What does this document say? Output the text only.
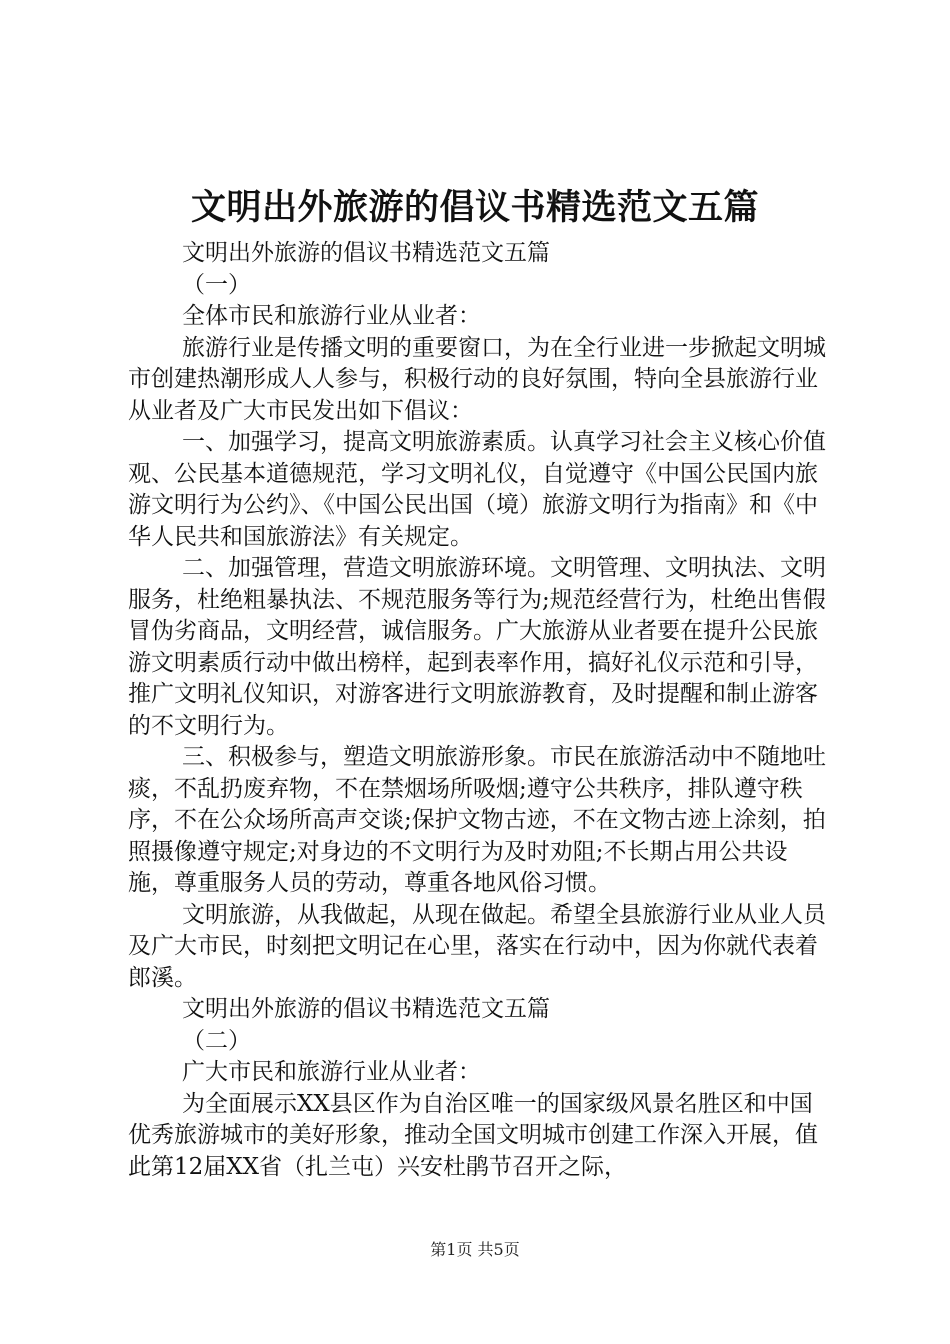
文明出外旅游的倡议书精选范文五篇

文明出外旅游的倡议书精选范文五篇

（一）

全体市民和旅游行业从业者：

旅游行业是传播文明的重要窗口，为在全行业进一步掀起文明城市创建热潮形成人人参与，积极行动的良好氛围，特向全县旅游行业从业者及广大市民发出如下倡议：

一、加强学习，提高文明旅游素质。认真学习社会主义核心价值观、公民基本道德规范，学习文明礼仪，自觉遵守《中国公民国内旅游文明行为公约》、《中国公民出国（境）旅游文明行为指南》和《中华人民共和国旅游法》有关规定。

二、加强管理，营造文明旅游环境。文明管理、文明执法、文明服务，杜绝粗暴执法、不规范服务等行为;规范经营行为，杜绝出售假冒伪劣商品，文明经营，诚信服务。广大旅游从业者要在提升公民旅游文明素质行动中做出榜样，起到表率作用，搞好礼仪示范和引导，推广文明礼仪知识，对游客进行文明旅游教育，及时提醒和制止游客的不文明行为。

三、积极参与，塑造文明旅游形象。市民在旅游活动中不随地吐痰，不乱扔废弃物，不在禁烟场所吸烟;遵守公共秩序，排队遵守秩序，不在公众场所高声交谈;保护文物古迹，不在文物古迹上涂刻，拍照摄像遵守规定;对身边的不文明行为及时劝阻;不长期占用公共设施，尊重服务人员的劳动，尊重各地风俗习惯。

文明旅游，从我做起，从现在做起。希望全县旅游行业从业人员及广大市民，时刻把文明记在心里，落实在行动中，因为你就代表着郎溪。

文明出外旅游的倡议书精选范文五篇

（二）

广大市民和旅游行业从业者：

为全面展示XX县区作为自治区唯一的国家级风景名胜区和中国优秀旅游城市的美好形象，推动全国文明城市创建工作深入开展，值此第12届XX省（扎兰屯）兴安杜鹃节召开之际，

第1页 共5页
